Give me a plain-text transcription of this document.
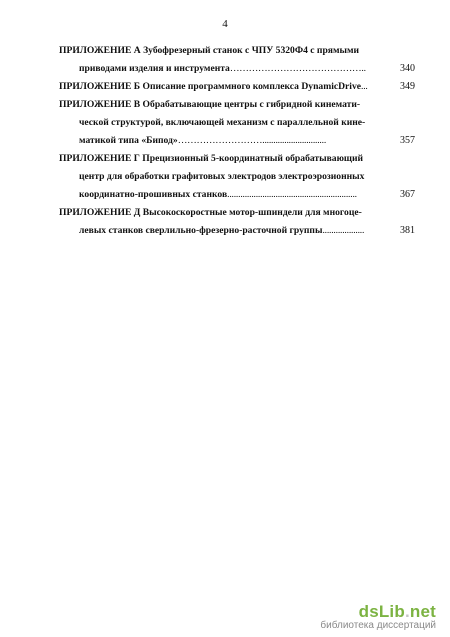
4
ПРИЛОЖЕНИЕ А Зубофрезерный станок с ЧПУ 5320Ф4 с прямыми
приводами изделия и инструмента ……………………………………..	340
ПРИЛОЖЕНИЕ Б Описание программного комплекса DynamicDrive ...	349
ПРИЛОЖЕНИЕ В Обрабатывающие центры с гибридной кинемати-
ческой структурой, включающей механизм с параллельной кине-
матикой типа «Бипод» ……………………….............................	357
ПРИЛОЖЕНИЕ Г Прецизионный 5-координатный обрабатывающий
центр для обработки графитовых электродов электроэрозионных
координатно-прошивных станков ...........................................................	367
ПРИЛОЖЕНИЕ Д Высокоскоростные мотор-шпиндели для многоце-
левых станков сверлильно-фрезерно-расточной группы ...................	381
dsLib.net
библиотека диссертаций
